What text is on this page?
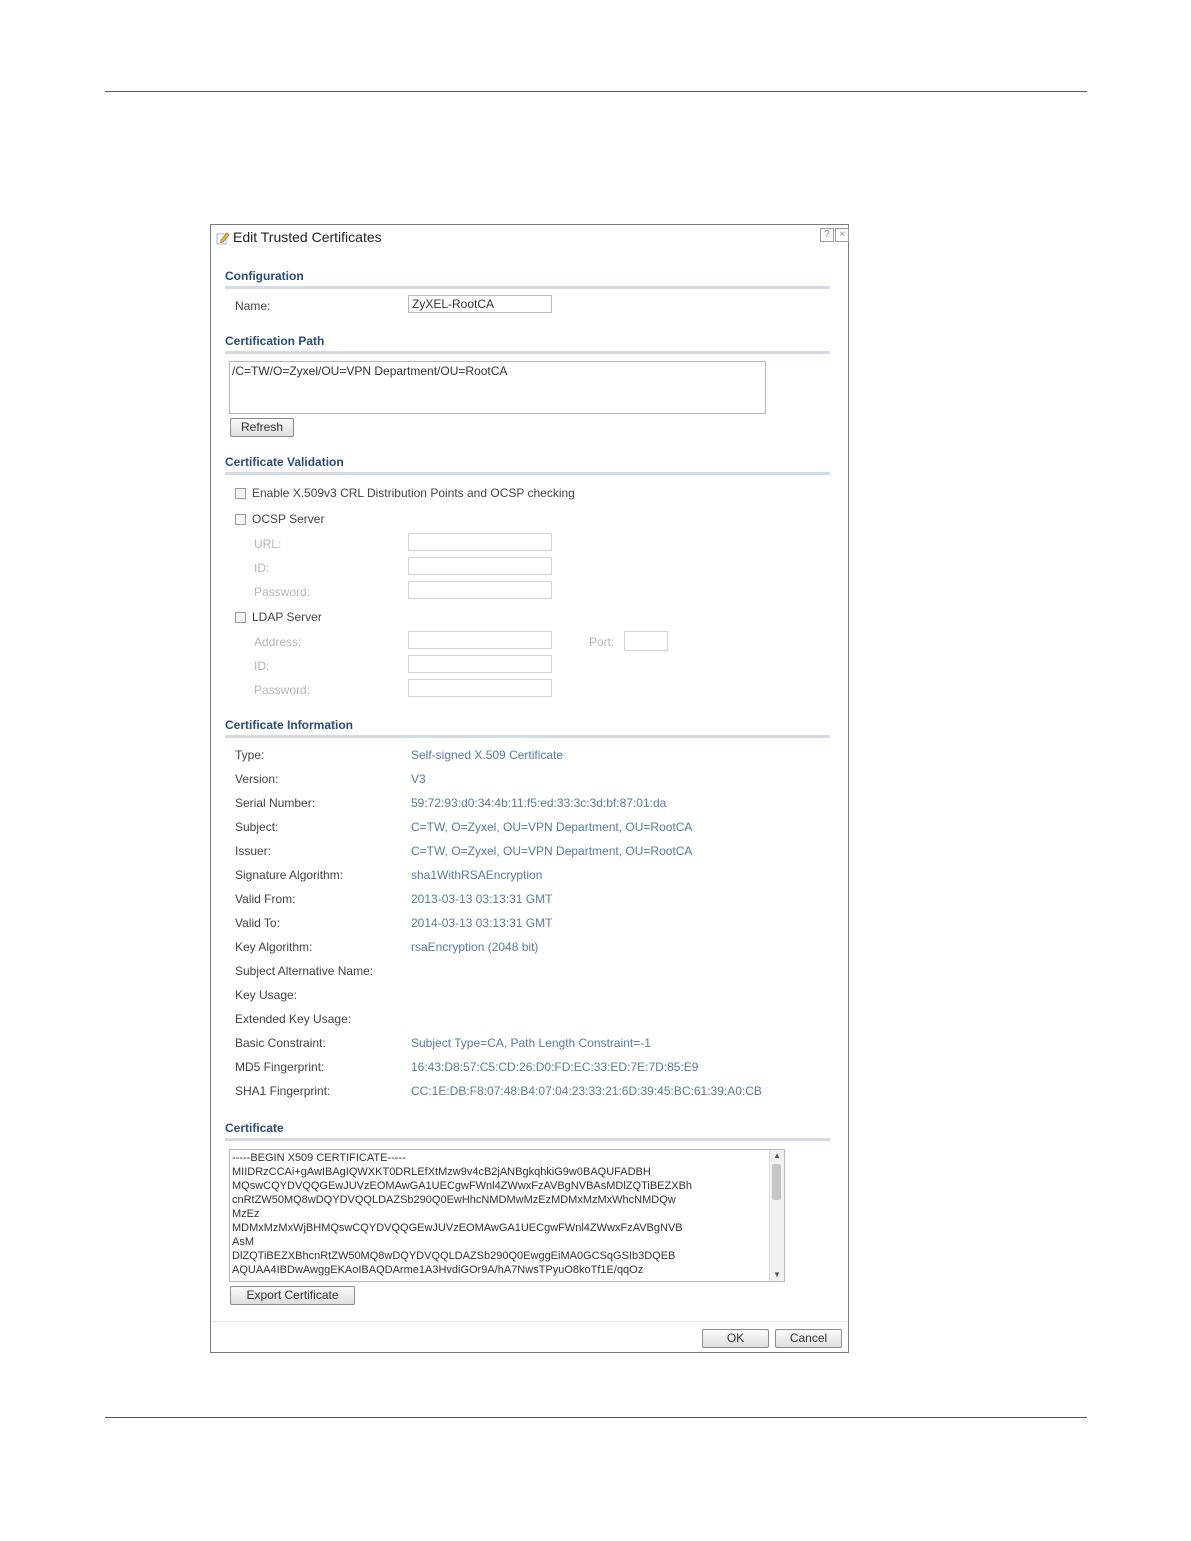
Edit Trusted Certificates	? ×
Configuration
Name:
ZyXEL-RootCA
Certification Path
/C=TW/O=Zyxel/OU=VPN Department/OU=RootCA
Refresh
Certificate Validation
Enable X.509v3 CRL Distribution Points and OCSP checking
OCSP Server
URL:
ID:
Password:
LDAP Server
Address:	Port:
ID:
Password:
Certificate Information
Type:	Self-signed X.509 Certificate
Version:	V3
Serial Number:	59:72:93:d0:34:4b:11:f5:ed:33:3c:3d:bf:87:01:da
Subject:	C=TW, O=Zyxel, OU=VPN Department, OU=RootCA
Issuer:	C=TW, O=Zyxel, OU=VPN Department, OU=RootCA
Signature Algorithm:	sha1WithRSAEncryption
Valid From:	2013-03-13 03:13:31 GMT
Valid To:	2014-03-13 03:13:31 GMT
Key Algorithm:	rsaEncryption (2048 bit)
Subject Alternative Name:
Key Usage:
Extended Key Usage:
Basic Constraint:	Subject Type=CA, Path Length Constraint=-1
MD5 Fingerprint:	16:43:D8:57:C5:CD:26:D0:FD:EC:33:ED:7E:7D:85:E9
SHA1 Fingerprint:	CC:1E:DB:F8:07:48:B4:07:04:23:33:21:6D:39:45:BC:61:39:A0:CB
Certificate
-----BEGIN X509 CERTIFICATE-----
MIIDRzCCAi+gAwIBAgIQWXKT0DRLEfXtMzw9v4cB2jANBgkqhkiG9w0BAQUFADBH
MQswCQYDVQQGEwJUVzEOMAwGA1UECgwFWnl4ZWwxFzAVBgNVBAsMDlZQTiBEZXBh
cnRtZW50MQ8wDQYDVQQLDAZSb290Q0EwHhcNMDMwMzEzMDMxMzMxWhcNMDQw
MzEz
MDMxMzMxWjBHMQswCQYDVQQGEwJUVzEOMAwGA1UECgwFWnl4ZWwxFzAVBgNVB
AsM
DlZQTiBEZXBhcnRtZW50MQ8wDQYDVQQLDAZSb290Q0EwggEiMA0GCSqGSIb3DQEB
AQUAA4IBDwAwggEKAoIBAQDArme1A3HvdiGOr9A/hA7NwsTPyuO8koTf1E/qqOz
▲
▼
Export Certificate
OK	Cancel
